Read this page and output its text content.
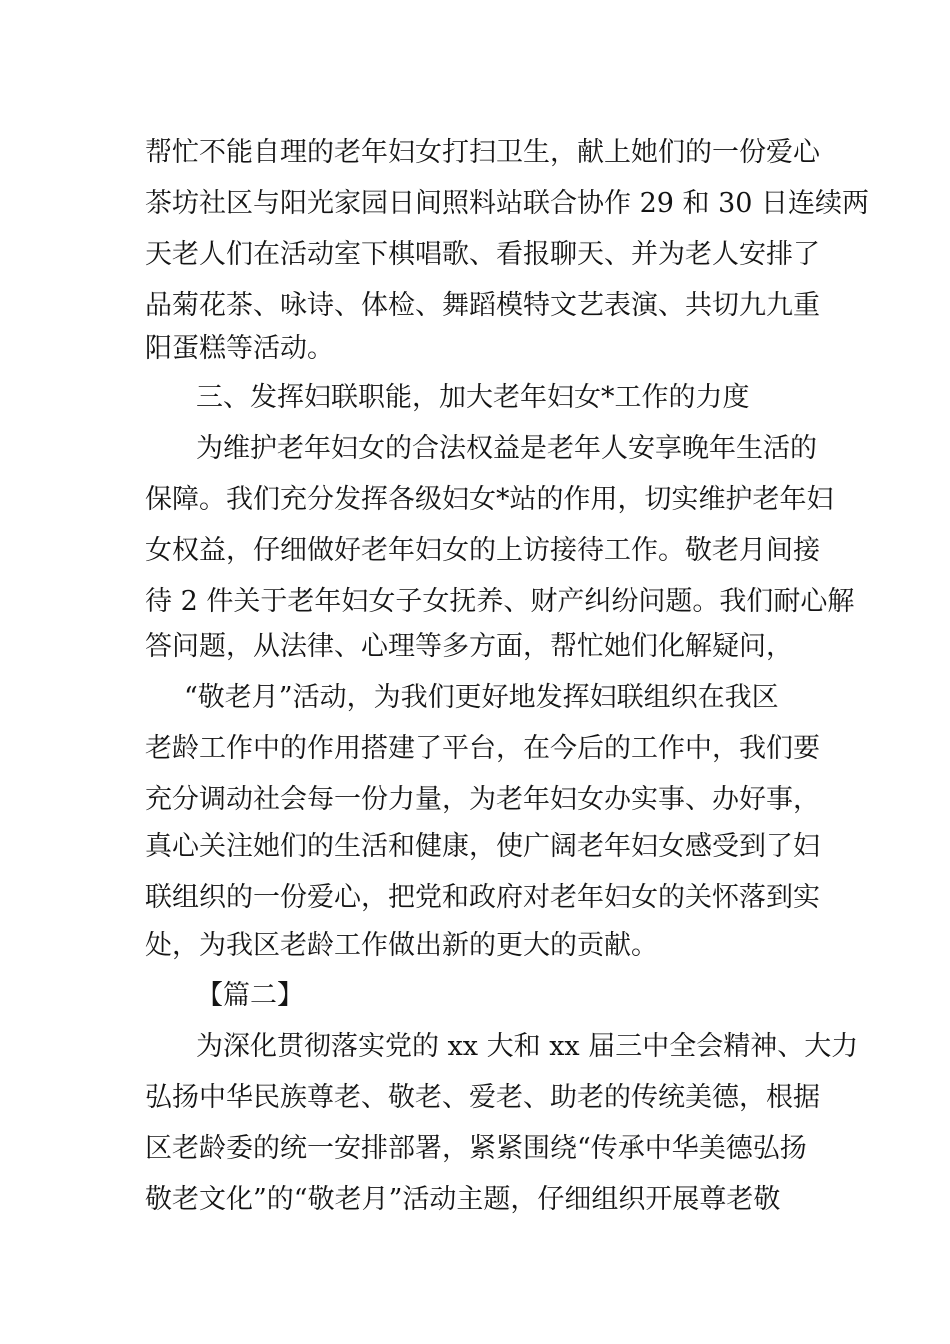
帮忙不能自理的老年妇女打扫卫生，献上她们的一份爱心
茶坊社区与阳光家园日间照料站联合协作 29 和 30 日连续两
天老人们在活动室下棋唱歌、看报聊天、并为老人安排了
品菊花茶、咏诗、体检、舞蹈模特文艺表演、共切九九重
阳蛋糕等活动。
三、发挥妇联职能，加大老年妇女*工作的力度
为维护老年妇女的合法权益是老年人安享晚年生活的
保障。我们充分发挥各级妇女*站的作用，切实维护老年妇
女权益，仔细做好老年妇女的上访接待工作。敬老月间接
待 2 件关于老年妇女子女抚养、财产纠纷问题。我们耐心解
答问题，从法律、心理等多方面，帮忙她们化解疑问，
“敬老月”活动，为我们更好地发挥妇联组织在我区
老龄工作中的作用搭建了平台，在今后的工作中，我们要
充分调动社会每一份力量，为老年妇女办实事、办好事，
真心关注她们的生活和健康，使广阔老年妇女感受到了妇
联组织的一份爱心，把党和政府对老年妇女的关怀落到实
处，为我区老龄工作做出新的更大的贡献。
【篇二】
为深化贯彻落实党的 xx 大和 xx 届三中全会精神、大力
弘扬中华民族尊老、敬老、爱老、助老的传统美德，根据
区老龄委的统一安排部署，紧紧围绕“传承中华美德弘扬
敬老文化”的“敬老月”活动主题，仔细组织开展尊老敬
